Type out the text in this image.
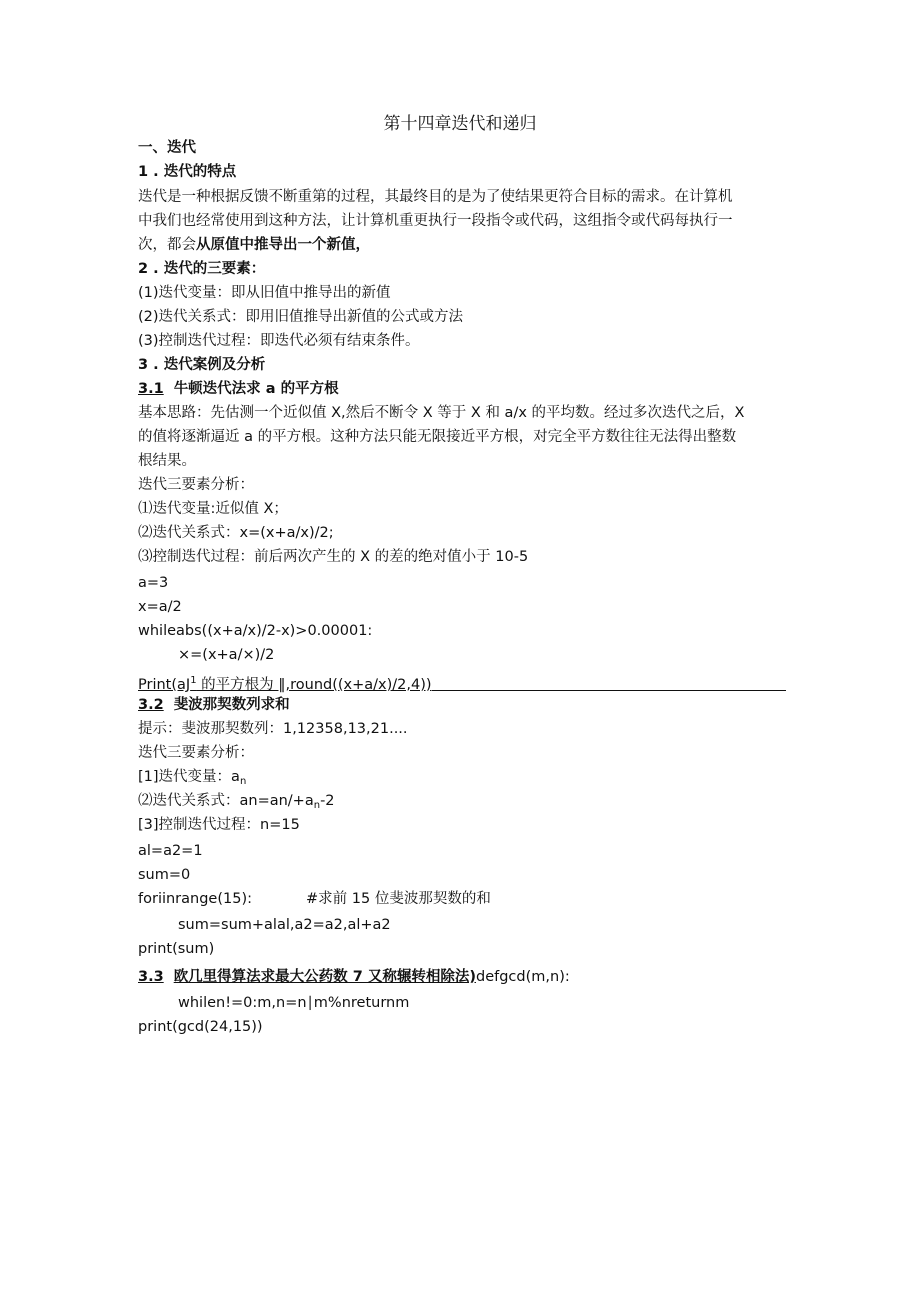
第十四章迭代和递归
一、迭代
1 . 迭代的特点
迭代是一种根据反馈不断重第的过程，其最终目的是为了使结果更符合目标的需求。在计算机
中我们也经常使用到这种方法，让计算机重更执行一段指令或代码，这组指令或代码每执行一
次，都会从原值中推导出一个新值，
2 . 迭代的三要素：
(1)迭代变量：即从旧值中推导出的新值
(2)迭代关系式：即用旧值推导出新值的公式或方法
(3)控制迭代过程：即迭代必须有结束条件。
3 . 迭代案例及分析
3.1 牛顿迭代法求 a 的平方根
基本思路：先估测一个近似值 X,然后不断令 X 等于 X 和 a/x 的平均数。经过多次迭代之后，X
的值将逐渐逼近 a 的平方根。这种方法只能无限接近平方根，对完全平方数往往无法得出整数
根结果。
迭代三要素分析：
⑴迭代变量:近似值 X；
⑵迭代关系式：x=(x+a∕x)∕2;
⑶控制迭代过程：前后两次产生的 X 的差的绝对值小于 10-5
a=3
x=a/2
whileabs((x+a∕x)∕2-x)>0.00001:
×=(x+a∕×)∕2
$Print(aJ^1$ 的平方根为 ‖,round((x+a∕x)∕2,4))
3.2 斐波那契数列求和
提示：斐波那契数列：1,12358,13,21....
迭代三要素分析：
[1]迭代变量：$a_n$
⑵迭代关系式：$an=an∕+a_n-2$
[3]控制迭代过程：n=15
al=a2=1
sum=0
foriinrange(15):	#求前 15 位斐波那契数的和
sum=sum+alal,a2=a2,al+a2
print(sum)
3.3 欧几里得算法求最大公药数 7 又称辗转相除法)defgcd(m,n):
whilen!=0:m,n=n∣m%nreturnm
print(gcd(24,15))
